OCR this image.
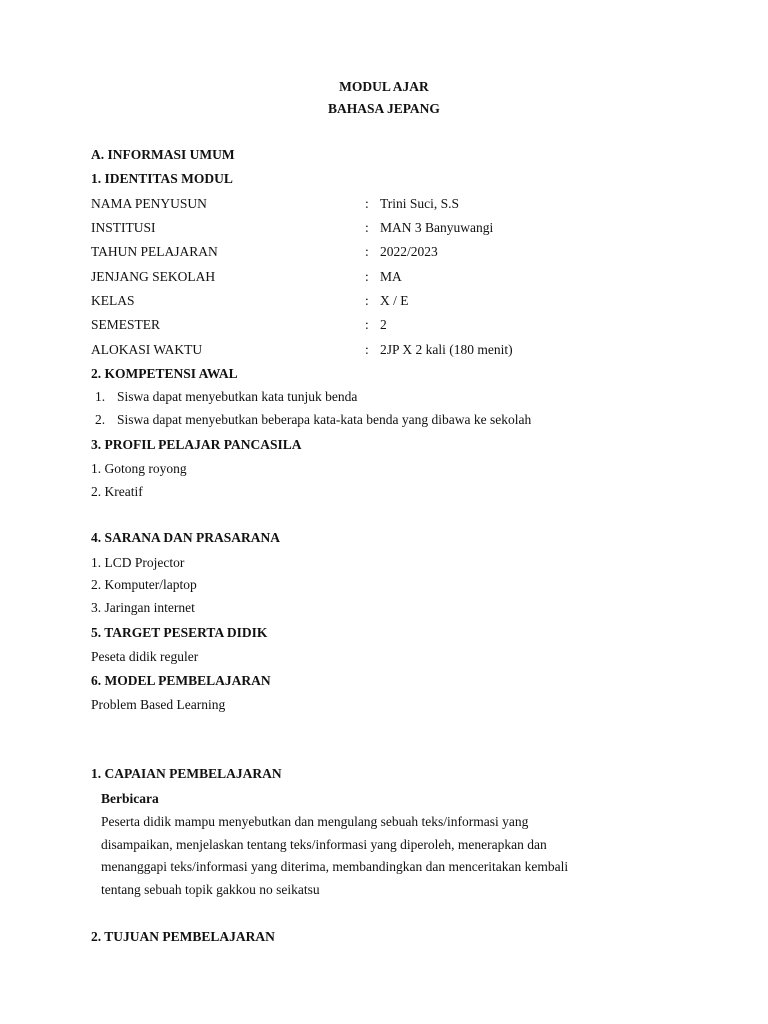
MODUL AJAR
BAHASA JEPANG
A. INFORMASI UMUM
1. IDENTITAS MODUL
NAMA PENYUSUN	: Trini Suci, S.S
INSTITUSI	: MAN 3 Banyuwangi
TAHUN PELAJARAN	: 2022/2023
JENJANG SEKOLAH	: MA
KELAS	: X / E
SEMESTER	: 2
ALOKASI WAKTU	: 2JP X 2 kali (180 menit)
2. KOMPETENSI AWAL
1. Siswa dapat menyebutkan kata tunjuk benda
2. Siswa dapat menyebutkan beberapa kata-kata benda yang dibawa ke sekolah
3. PROFIL PELAJAR PANCASILA
1. Gotong royong
2. Kreatif
4. SARANA DAN PRASARANA
1. LCD Projector
2. Komputer/laptop
3. Jaringan internet
5. TARGET PESERTA DIDIK
Peseta didik reguler
6. MODEL PEMBELAJARAN
Problem Based Learning
1. CAPAIAN PEMBELAJARAN
Berbicara
Peserta didik mampu menyebutkan dan mengulang sebuah teks/informasi yang
disampaikan, menjelaskan tentang teks/informasi yang diperoleh, menerapkan dan
menanggapi teks/informasi yang diterima, membandingkan dan menceritakan kembali
tentang sebuah topik gakkou no seikatsu
2. TUJUAN PEMBELAJARAN
